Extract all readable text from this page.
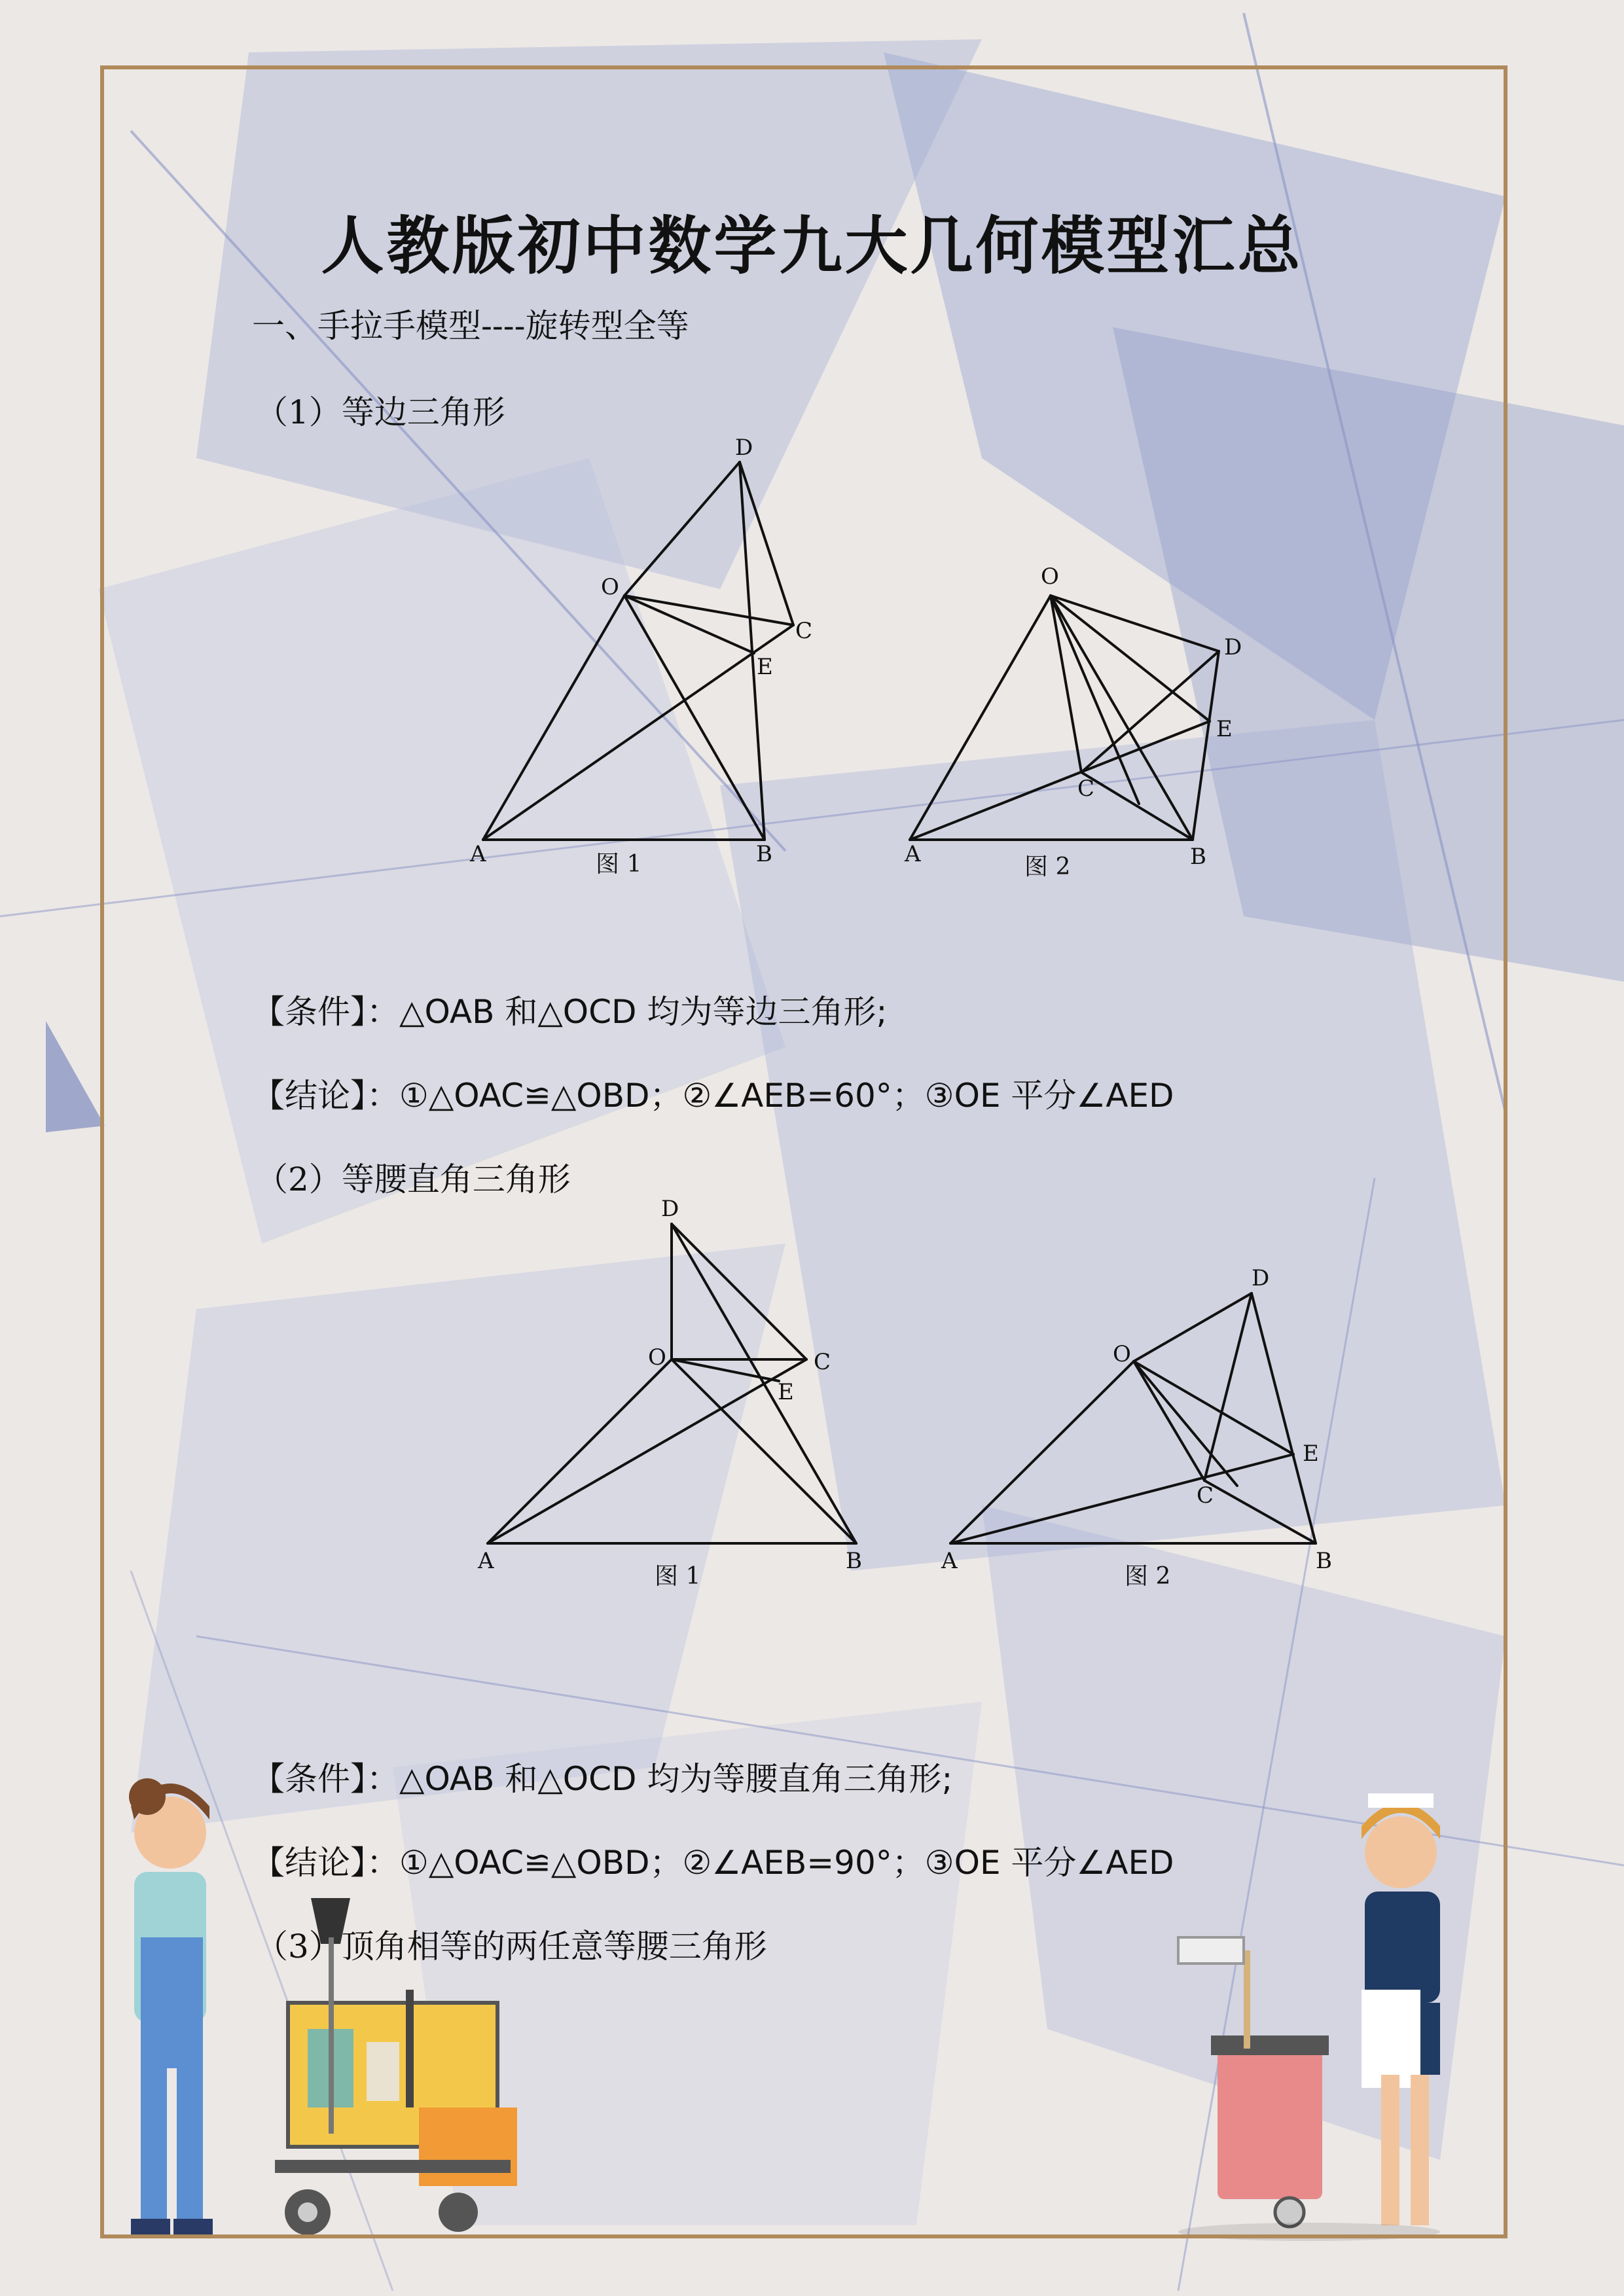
人教版初中数学九大几何模型汇总
一、手拉手模型----旋转型全等
（1）等边三角形
D
O
C
E
A	B
图 1
O
D
E
C
A	B
图 2
【条件】：△OAB 和△OCD 均为等边三角形;
【结论】：①△OAC≌△OBD；②∠AEB=60°；③OE 平分∠AED
（2）等腰直角三角形
D
O	C
E
A	B
图 1
O
D
E
C
A	B
图 2
【条件】：△OAB 和△OCD 均为等腰直角三角形;
【结论】：①△OAC≌△OBD；②∠AEB=90°；③OE 平分∠AED
（3）顶角相等的两任意等腰三角形
